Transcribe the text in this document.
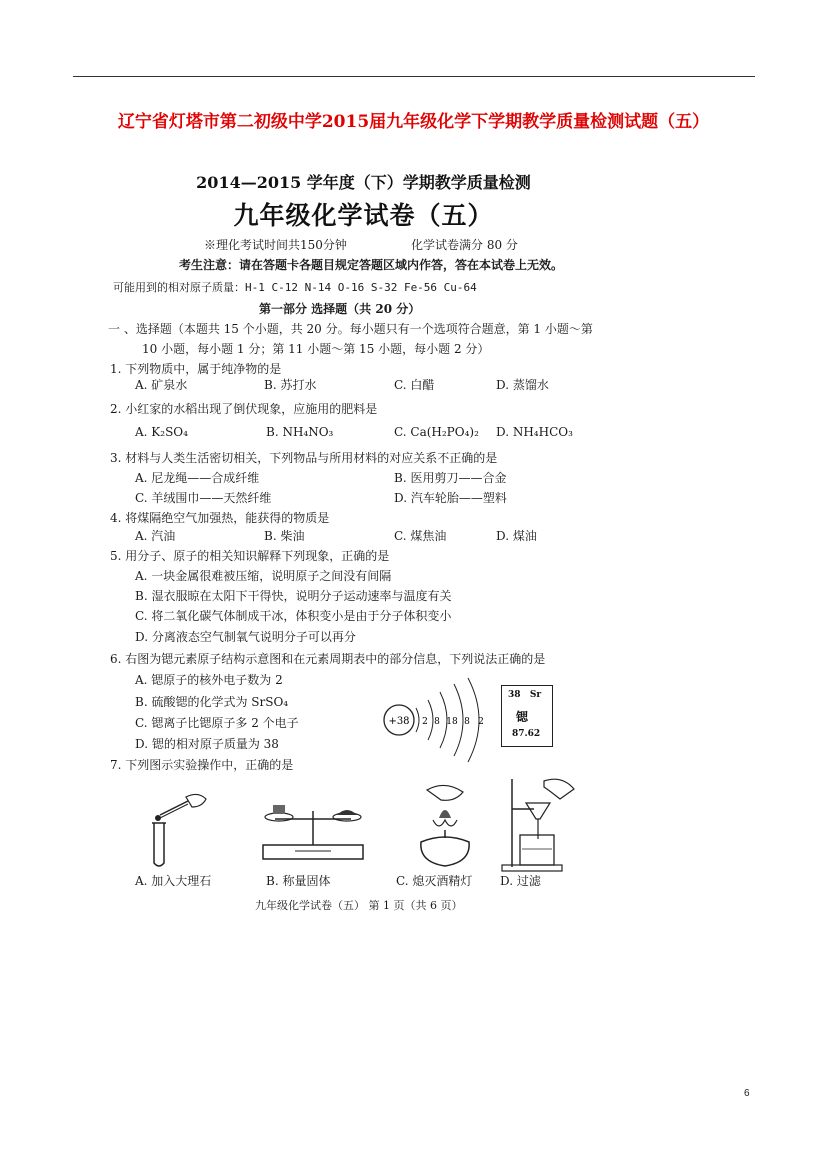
辽宁省灯塔市第二初级中学2015届九年级化学下学期教学质量检测试题（五）
2014—2015 学年度（下）学期教学质量检测
九年级化学试卷（五）
※理化考试时间共150分钟	化学试卷满分 80 分
考生注意：请在答题卡各题目规定答题区域内作答，答在本试卷上无效。
可能用到的相对原子质量：H-1 C-12 N-14 O-16 S-32 Fe-56 Cu-64
第一部分 选择题（共 20 分）
一 、选择题（本题共 15 个小题，共 20 分。每小题只有一个选项符合题意，第 1 小题～第
10 小题，每小题 1 分；第 11 小题～第 15 小题，每小题 2 分）
1. 下列物质中，属于纯净物的是
A. 矿泉水	B. 苏打水	C. 白醋	D. 蒸馏水
2. 小红家的水稻出现了倒伏现象，应施用的肥料是
A. K₂SO₄	B. NH₄NO₃	C. Ca(H₂PO₄)₂ D. NH₄HCO₃
3. 材料与人类生活密切相关，下列物品与所用材料的对应关系不正确的是
A. 尼龙绳——合成纤维	B. 医用剪刀——合金
C. 羊绒围巾——天然纤维	D. 汽车轮胎——塑料
4. 将煤隔绝空气加强热，能获得的物质是
A. 汽油	B. 柴油	C. 煤焦油	D. 煤油
5. 用分子、原子的相关知识解释下列现象，正确的是
A. 一块金属很难被压缩，说明原子之间没有间隔
B. 湿衣服晾在太阳下干得快，说明分子运动速率与温度有关
C. 将二氧化碳气体制成干冰，体积变小是由于分子体积变小
D. 分离液态空气制氧气说明分子可以再分
6. 右图为锶元素原子结构示意图和在元素周期表中的部分信息，下列说法正确的是
A. 锶原子的核外电子数为 2
B. 硫酸锶的化学式为 SrSO₄
C. 锶离子比锶原子多 2 个电子
D. 锶的相对原子质量为 38
+38 2 8 18 8 2
38   Sr
锶
87.62
7. 下列图示实验操作中，正确的是
A. 加入大理石	B. 称量固体	C. 熄灭酒精灯 D. 过滤
九年级化学试卷（五） 第 1 页（共 6 页）
6
